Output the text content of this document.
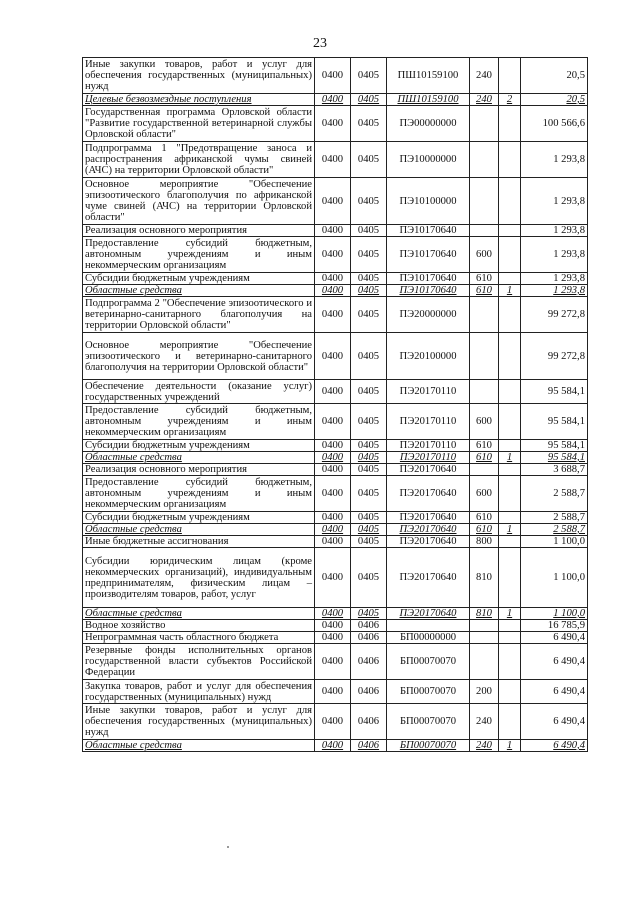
23
Иные закупки товаров, работ и услуг для обеспечения государственных (муниципальных) нужд	0400	0405	ПШ10159100	240		20,5
Целевые безвозмездные поступления	0400	0405	ПШ10159100	240	2	20,5
Государственная программа Орловской области "Развитие государственной ветеринарной службы Орловской области"	0400	0405	ПЭ00000000			100 566,6
Подпрограмма 1 "Предотвращение заноса и распространения африканской чумы свиней (АЧС) на территории Орловской области"	0400	0405	ПЭ10000000			1 293,8
Основное мероприятие "Обеспечение эпизоотического благополучия по африканской чуме свиней (АЧС) на территории Орловской области"	0400	0405	ПЭ10100000			1 293,8
Реализация основного мероприятия	0400	0405	ПЭ10170640			1 293,8
Предоставление субсидий бюджетным, автономным учреждениям и иным некоммерческим организациям	0400	0405	ПЭ10170640	600		1 293,8
Субсидии бюджетным учреждениям	0400	0405	ПЭ10170640	610		1 293,8
Областные средства	0400	0405	ПЭ10170640	610	1	1 293,8
Подпрограмма 2 "Обеспечение эпизоотического и ветеринарно-санитарного благополучия на территории Орловской области"	0400	0405	ПЭ20000000			99 272,8
Основное мероприятие "Обеспечение эпизоотического и ветеринарно-санитарного благополучия на территории Орловской области"	0400	0405	ПЭ20100000			99 272,8
Обеспечение деятельности (оказание услуг) государственных учреждений	0400	0405	ПЭ20170110			95 584,1
Предоставление субсидий бюджетным, автономным учреждениям и иным некоммерческим организациям	0400	0405	ПЭ20170110	600		95 584,1
Субсидии бюджетным учреждениям	0400	0405	ПЭ20170110	610		95 584,1
Областные средства	0400	0405	ПЭ20170110	610	1	95 584,1
Реализация основного мероприятия	0400	0405	ПЭ20170640			3 688,7
Предоставление субсидий бюджетным, автономным учреждениям и иным некоммерческим организациям	0400	0405	ПЭ20170640	600		2 588,7
Субсидии бюджетным учреждениям	0400	0405	ПЭ20170640	610		2 588,7
Областные средства	0400	0405	ПЭ20170640	610	1	2 588,7
Иные бюджетные ассигнования	0400	0405	ПЭ20170640	800		1 100,0
Субсидии юридическим лицам (кроме некоммерческих организаций), индивидуальным предпринимателям, физическим лицам – производителям товаров, работ, услуг	0400	0405	ПЭ20170640	810		1 100,0
Областные средства	0400	0405	ПЭ20170640	810	1	1 100,0
Водное хозяйство	0400	0406				16 785,9
Непрограммная часть областного бюджета	0400	0406	БП00000000			6 490,4
Резервные фонды исполнительных органов государственной власти субъектов Российской Федерации	0400	0406	БП00070070			6 490,4
Закупка товаров, работ и услуг для обеспечения государственных (муниципальных) нужд	0400	0406	БП00070070	200		6 490,4
Иные закупки товаров, работ и услуг для обеспечения государственных (муниципальных) нужд	0400	0406	БП00070070	240		6 490,4
Областные средства	0400	0406	БП00070070	240	1	6 490,4
